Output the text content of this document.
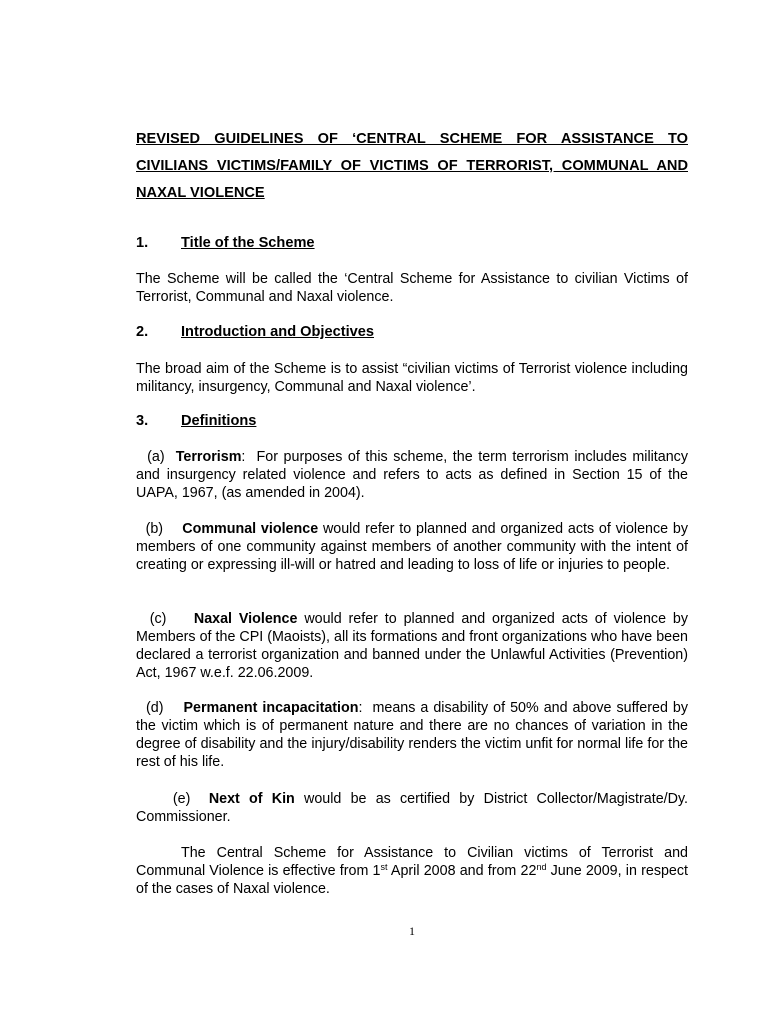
REVISED GUIDELINES OF ‘CENTRAL SCHEME FOR ASSISTANCE TO
CIVILIANS VICTIMS/FAMILY OF VICTIMS OF TERRORIST, COMMUNAL AND
NAXAL VIOLENCE
1. Title of the Scheme
The Scheme will be called the ‘Central Scheme for Assistance to civilian Victims of Terrorist, Communal and Naxal violence.
2. Introduction and Objectives
The broad aim of the Scheme is to assist “civilian victims of Terrorist violence including militancy, insurgency, Communal and Naxal violence’.
3. Definitions
(a) Terrorism: For purposes of this scheme, the term terrorism includes militancy and insurgency related violence and refers to acts as defined in Section 15 of the UAPA, 1967, (as amended in 2004).
(b) Communal violence would refer to planned and organized acts of violence by members of one community against members of another community with the intent of creating or expressing ill-will or hatred and leading to loss of life or injuries to people.
(c) Naxal Violence would refer to planned and organized acts of violence by Members of the CPI (Maoists), all its formations and front organizations who have been declared a terrorist organization and banned under the Unlawful Activities (Prevention) Act, 1967 w.e.f. 22.06.2009.
(d) Permanent incapacitation: means a disability of 50% and above suffered by the victim which is of permanent nature and there are no chances of variation in the degree of disability and the injury/disability renders the victim unfit for normal life for the rest of his life.
(e) Next of Kin would be as certified by District Collector/Magistrate/Dy. Commissioner.
The Central Scheme for Assistance to Civilian victims of Terrorist and Communal Violence is effective from 1st April 2008 and from 22nd June 2009, in respect of the cases of Naxal violence.
1
